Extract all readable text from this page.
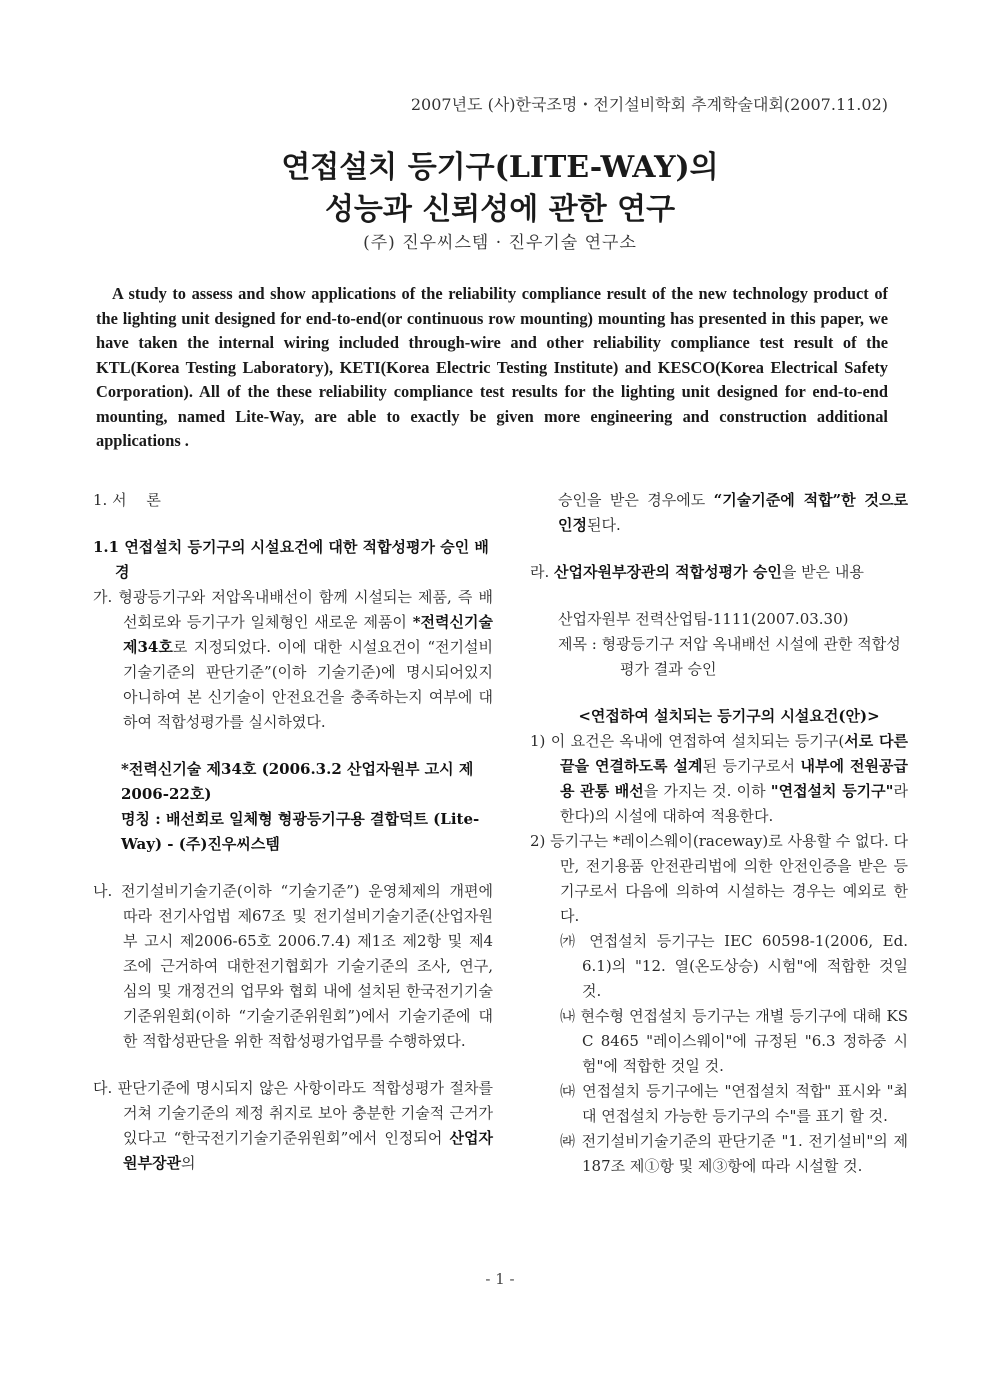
2007년도 (사)한국조명・전기설비학회 추계학술대회(2007.11.02)
연접설치 등기구(LITE-WAY)의
성능과 신뢰성에 관한 연구
(주) 진우씨스템 · 진우기술 연구소

A study to assess and show applications of the reliability compliance result of the new technology product of the lighting unit designed for end-to-end(or continuous row mounting) mounting has presented in this paper, we have taken the internal wiring included through-wire and other reliability compliance test result of the KTL(Korea Testing Laboratory), KETI(Korea Electric Testing Institute) and KESCO(Korea Electrical Safety Corporation). All of the these reliability compliance test results for the lighting unit designed for end-to-end mounting, named Lite-Way, are able to exactly be given more engineering and construction additional applications .

1. 서　 론

1.1 연접설치 등기구의 시설요건에 대한 적합성평가 승인 배경

가. 형광등기구와 저압옥내배선이 함께 시설되는 제품, 즉 배선회로와 등기구가 일체형인 새로운 제품이 *전력신기술 제34호로 지정되었다. 이에 대한 시설요건이 “전기설비기술기준의 판단기준”(이하 기술기준)에 명시되어있지 아니하여 본 신기술이 안전요건을 충족하는지 여부에 대하여 적합성평가를 실시하였다.

*전력신기술 제34호 (2006.3.2 산업자원부 고시 제2006-22호)

명칭 : 배선회로 일체형 형광등기구용 결합덕트 (Lite-Way) - (주)진우씨스템

나. 전기설비기술기준(이하 “기술기준”) 운영체제의 개편에 따라 전기사업법 제67조 및 전기설비기술기준(산업자원부 고시 제2006-65호 2006.7.4) 제1조 제2항 및 제4조에 근거하여 대한전기협회가 기술기준의 조사, 연구, 심의 및 개정건의 업무와 협회 내에 설치된 한국전기기술기준위원회(이하 “기술기준위원회”)에서 기술기준에 대한 적합성판단을 위한 적합성평가업무를 수행하였다.

다. 판단기준에 명시되지 않은 사항이라도 적합성평가 절차를 거쳐 기술기준의 제정 취지로 보아 충분한 기술적 근거가 있다고 “한국전기기술기준위원회”에서 인정되어 산업자원부장관의

승인을 받은 경우에도 “기술기준에 적합”한 것으로 인정된다.

라. 산업자원부장관의 적합성평가 승인을 받은 내용

산업자원부 전력산업팀-1111(2007.03.30)

제목 : 형광등기구 저압 옥내배선 시설에 관한 적합성평가 결과 승인

<연접하여 설치되는 등기구의 시설요건(안)>

1) 이 요건은 옥내에 연접하여 설치되는 등기구(서로 다른 끝을 연결하도록 설계된 등기구로서 내부에 전원공급용 관통 배선을 가지는 것. 이하 "연접설치 등기구"라 한다)의 시설에 대하여 적용한다.

2) 등기구는 *레이스웨이(raceway)로 사용할 수 없다. 다만, 전기용품 안전관리법에 의한 안전인증을 받은 등기구로서 다음에 의하여 시설하는 경우는 예외로 한다.

㈎ 연접설치 등기구는 IEC 60598-1(2006, Ed. 6.1)의 "12. 열(온도상승) 시험"에 적합한 것일 것.

㈏ 현수형 연접설치 등기구는 개별 등기구에 대해 KS C 8465 "레이스웨이"에 규정된 "6.3 정하중 시험"에 적합한 것일 것.

㈐ 연접설치 등기구에는 "연접설치 적합" 표시와 "최대 연접설치 가능한 등기구의 수"를 표기 할 것.

㈑ 전기설비기술기준의 판단기준 "1. 전기설비"의 제187조 제①항 및 제③항에 따라 시설할 것.

- 1 -
